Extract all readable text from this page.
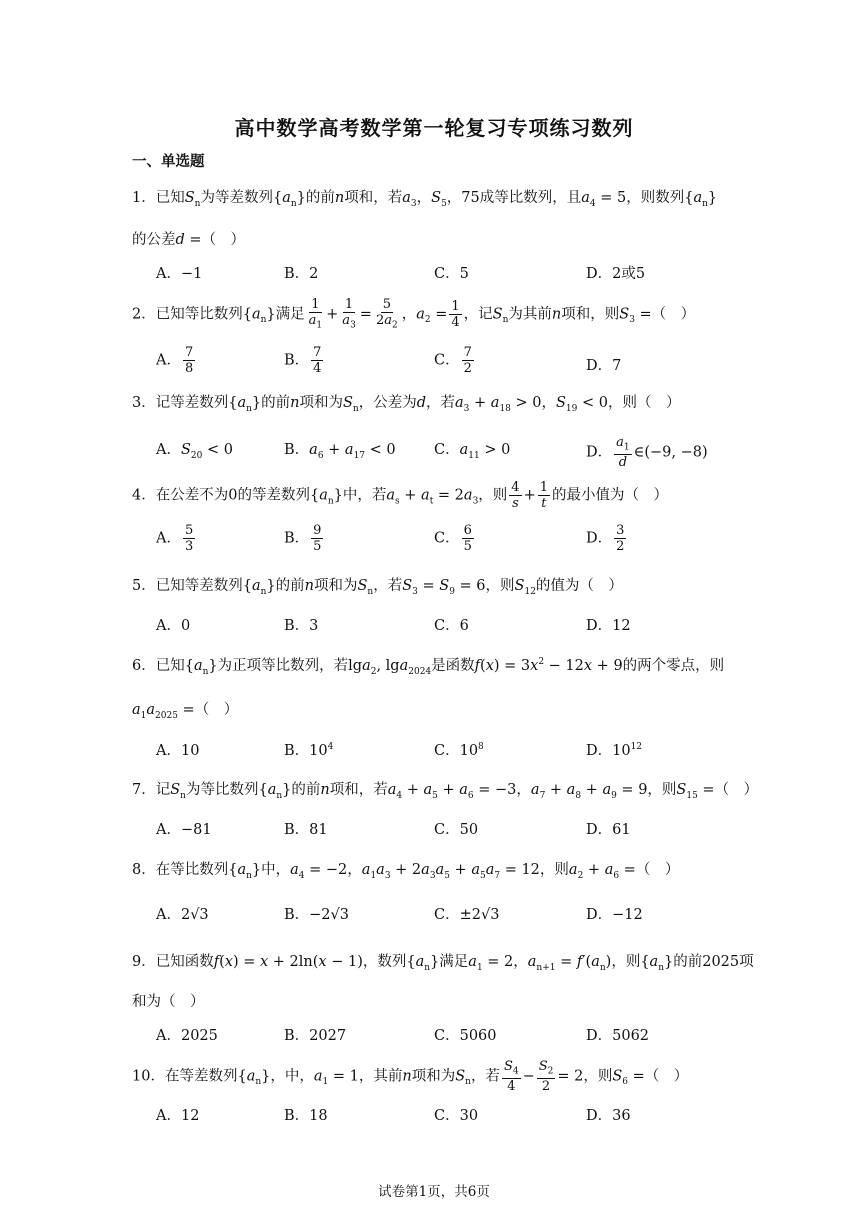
高中数学高考数学第一轮复习专项练习数列
一、单选题
1．已知$S_n$为等差数列$\{a_n\}$的前n项和，若$a_3$，$S_5$，75成等比数列，且$a_4 = 5$，则数列$\{a_n\}$
的公差d =（　）
A．−1	B．2	C．5	D．2或5
2．已知等比数列$\{a_n\}$满足 $\frac{1}{a_1} + \frac{1}{a_3} = \frac{5}{2a_2}$ ，$a_2 = \frac{1}{4}$ ，记$S_n$为其前n项和，则$S_3$ =（　）
A． $\frac{7}{8}$	B． $\frac{7}{4}$	C． $\frac{7}{2}$	D．7
3．记等差数列$\{a_n\}$的前n项和为$S_n$，公差为d，若$a_3 + a_{18} > 0$，$S_{19} < 0$，则（　）
A．$S_{20} < 0$	B．$a_6 + a_{17} < 0$	C．$a_{11} > 0$	D． $\frac{a_1}{d}$ ∈(−9, −8)
4．在公差不为0的等差数列$\{a_n\}$中，若$a_s + a_t = 2a_3$，则 $\frac{4}{s} + \frac{1}{t}$ 的最小值为（　）
A． $\frac{5}{3}$	B． $\frac{9}{5}$	C． $\frac{6}{5}$	D． $\frac{3}{2}$
5．已知等差数列$\{a_n\}$的前n项和为$S_n$，若$S_3 = S_9 = 6$，则$S_{12}$的值为（　）
A．0	B．3	C．6	D．12
6．已知$\{a_n\}$为正项等比数列，若lga$_2$, lga$_{2024}$是函数$f(x) = 3x^2 - 12x + 9$的两个零点，则
$a_1a_{2025}$ =（　）
A．10	B．$10^4$	C．$10^8$	D．$10^{12}$
7．记$S_n$为等比数列$\{a_n\}$的前n项和，若$a_4 + a_5 + a_6 = -3$，$a_7 + a_8 + a_9 = 9$，则$S_{15}$ =（　）
A．−81	B．81	C．50	D．61
8．在等比数列$\{a_n\}$中，$a_4 = -2$，$a_1a_3 + 2a_3a_5 + a_5a_7 = 12$，则$a_2 + a_6$ =（　）
A．2√3	B．−2√3	C．±2√3	D．−12
9．已知函数f(x) = x + 2ln(x − 1)，数列$\{a_n\}$满足$a_1 = 2$，$a_{n+1} = f'(a_n)$，则$\{a_n\}$的前2025项
和为（　）
A．2025	B．2027	C．5060	D．5062
10．在等差数列$\{a_n\}$，中，$a_1 = 1$，其前n项和为$S_n$，若 $\frac{S_4}{4} - \frac{S_2}{2} = 2$，则$S_6$ =（　）
A．12	B．18	C．30	D．36
试卷第1页，共6页
